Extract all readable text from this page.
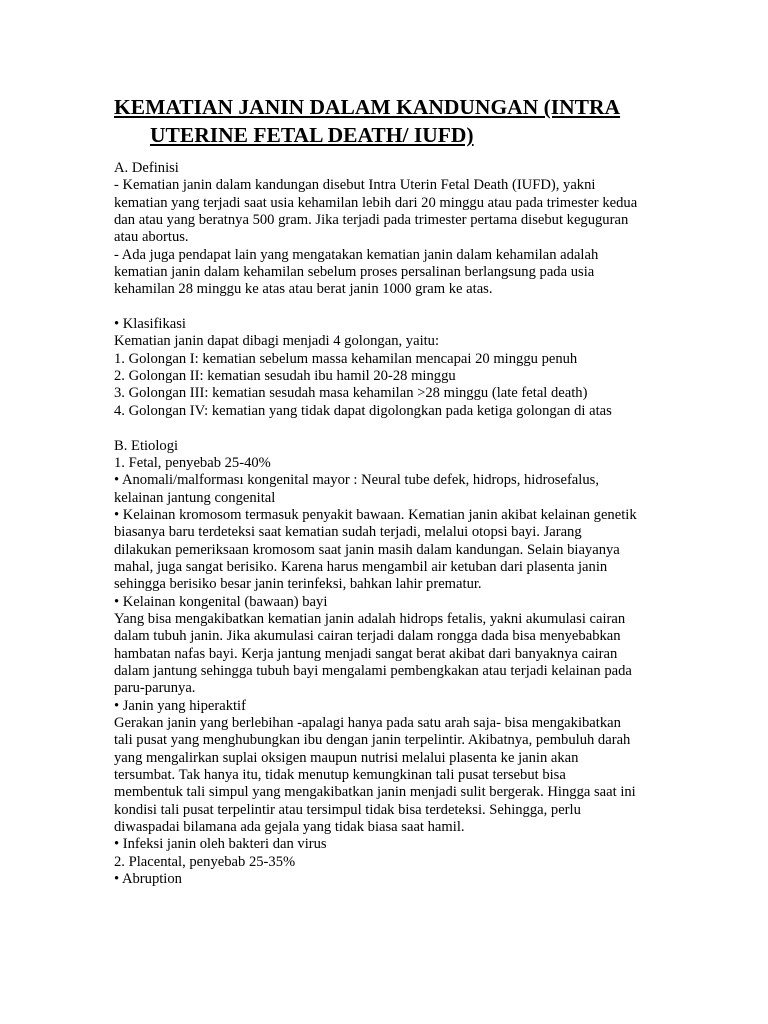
KEMATIAN JANIN DALAM KANDUNGAN (INTRA
UTERINE FETAL DEATH/ IUFD)
A. Definisi
- Kematian janin dalam kandungan disebut Intra Uterin Fetal Death (IUFD), yakni
kematian yang terjadi saat usia kehamilan lebih dari 20 minggu atau pada trimester kedua
dan atau yang beratnya 500 gram. Jika terjadi pada trimester pertama disebut keguguran
atau abortus.
- Ada juga pendapat lain yang mengatakan kematian janin dalam kehamilan adalah
kematian janin dalam kehamilan sebelum proses persalinan berlangsung pada usia
kehamilan 28 minggu ke atas atau berat janin 1000 gram ke atas.
• Klasifikasi
Kematian janin dapat dibagi menjadi 4 golongan, yaitu:
1. Golongan I: kematian sebelum massa kehamilan mencapai 20 minggu penuh
2. Golongan II: kematian sesudah ibu hamil 20-28 minggu
3. Golongan III: kematian sesudah masa kehamilan >28 minggu (late fetal death)
4. Golongan IV: kematian yang tidak dapat digolongkan pada ketiga golongan di atas
B. Etiologi
1. Fetal, penyebab 25-40%
• Anomali/malforması kongenital mayor : Neural tube defek, hidrops, hidrosefalus,
kelainan jantung congenital
• Kelainan kromosom termasuk penyakit bawaan. Kematian janin akibat kelainan genetik
biasanya baru terdeteksi saat kematian sudah terjadi, melalui otopsi bayi. Jarang
dilakukan pemeriksaan kromosom saat janin masih dalam kandungan. Selain biayanya
mahal, juga sangat berisiko. Karena harus mengambil air ketuban dari plasenta janin
sehingga berisiko besar janin terinfeksi, bahkan lahir prematur.
• Kelainan kongenital (bawaan) bayi
Yang bisa mengakibatkan kematian janin adalah hidrops fetalis, yakni akumulasi cairan
dalam tubuh janin. Jika akumulasi cairan terjadi dalam rongga dada bisa menyebabkan
hambatan nafas bayi. Kerja jantung menjadi sangat berat akibat dari banyaknya cairan
dalam jantung sehingga tubuh bayi mengalami pembengkakan atau terjadi kelainan pada
paru-parunya.
• Janin yang hiperaktif
Gerakan janin yang berlebihan -apalagi hanya pada satu arah saja- bisa mengakibatkan
tali pusat yang menghubungkan ibu dengan janin terpelintir. Akibatnya, pembuluh darah
yang mengalirkan suplai oksigen maupun nutrisi melalui plasenta ke janin akan
tersumbat. Tak hanya itu, tidak menutup kemungkinan tali pusat tersebut bisa
membentuk tali simpul yang mengakibatkan janin menjadi sulit bergerak. Hingga saat ini
kondisi tali pusat terpelintir atau tersimpul tidak bisa terdeteksi. Sehingga, perlu
diwaspadai bilamana ada gejala yang tidak biasa saat hamil.
• Infeksi janin oleh bakteri dan virus
2. Placental, penyebab 25-35%
• Abruption
